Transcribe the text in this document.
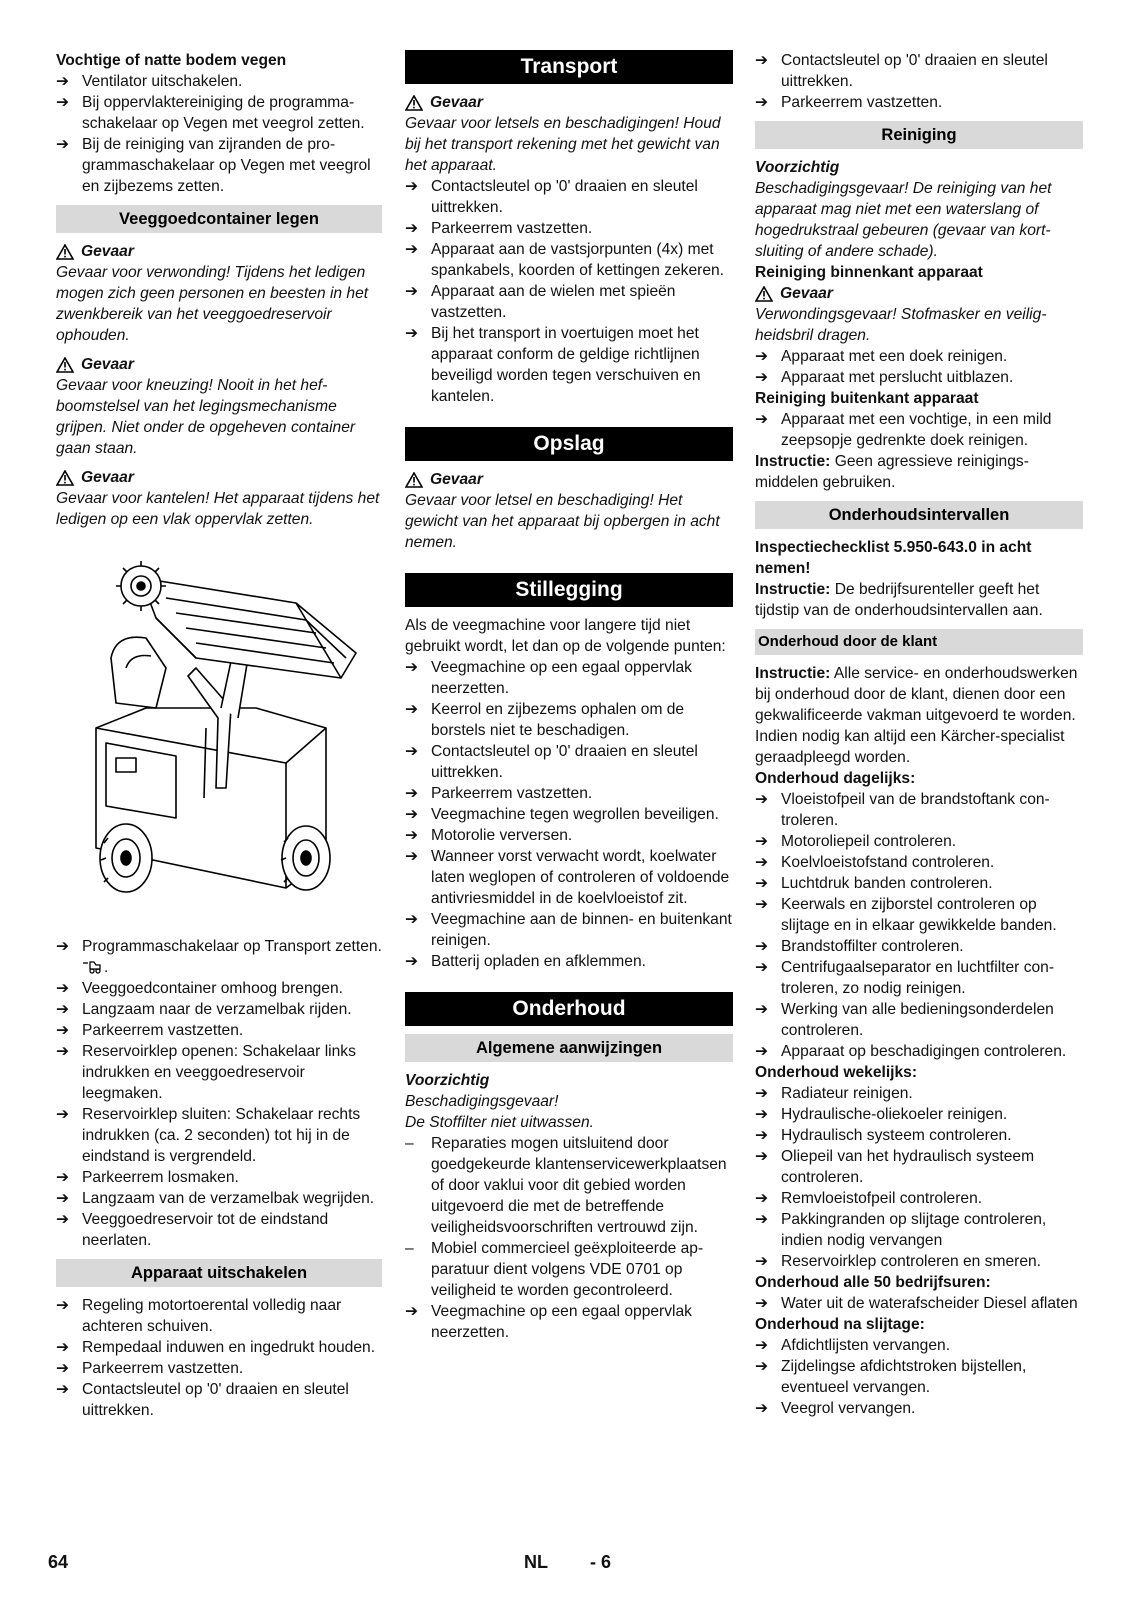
Vochtige of natte bodem vegen
➔ Ventilator uitschakelen.
➔ Bij oppervlaktereiniging de programmaschakelaar op Vegen met veegrol zetten.
➔ Bij de reiniging van zijranden de programmaschakelaar op Vegen met veegrol en zijbezems zetten.
Veeggoedcontainer legen
Gevaar
Gevaar voor verwonding! Tijdens het ledigen mogen zich geen personen en beesten in het zwenkbereik van het veeggoedreservoir ophouden.
Gevaar
Gevaar voor kneuzing! Nooit in het hefboomstelsel van het legingsmechanisme grijpen. Niet onder de opgeheven container gaan staan.
Gevaar
Gevaar voor kantelen! Het apparaat tijdens het ledigen op een vlak oppervlak zetten.
➔ Programmaschakelaar op Transport zetten. .
➔ Veeggoedcontainer omhoog brengen.
➔ Langzaam naar de verzamelbak rijden.
➔ Parkeerrem vastzetten.
➔ Reservoirklep openen: Schakelaar links indrukken en veeggoedreservoir leegmaken.
➔ Reservoirklep sluiten: Schakelaar rechts indrukken (ca. 2 seconden) tot hij in de eindstand is vergrendeld.
➔ Parkeerrem losmaken.
➔ Langzaam van de verzamelbak wegrijden.
➔ Veeggoedreservoir tot de eindstand neerlaten.
Apparaat uitschakelen
➔ Regeling motortoerental volledig naar achteren schuiven.
➔ Rempedaal induwen en ingedrukt houden.
➔ Parkeerrem vastzetten.
➔ Contactsleutel op '0' draaien en sleutel uittrekken.
Transport
Gevaar
Gevaar voor letsels en beschadigingen! Houd bij het transport rekening met het gewicht van het apparaat.
➔ Contactsleutel op '0' draaien en sleutel uittrekken.
➔ Parkeerrem vastzetten.
➔ Apparaat aan de vastsjorpunten (4x) met spankabels, koorden of kettingen zekeren.
➔ Apparaat aan de wielen met spieën vastzetten.
➔ Bij het transport in voertuigen moet het apparaat conform de geldige richtlijnen beveiligd worden tegen verschuiven en kantelen.
Opslag
Gevaar
Gevaar voor letsel en beschadiging! Het gewicht van het apparaat bij opbergen in acht nemen.
Stillegging
Als de veegmachine voor langere tijd niet gebruikt wordt, let dan op de volgende punten:
➔ Veegmachine op een egaal oppervlak neerzetten.
➔ Keerrol en zijbezems ophalen om de borstels niet te beschadigen.
➔ Contactsleutel op '0' draaien en sleutel uittrekken.
➔ Parkeerrem vastzetten.
➔ Veegmachine tegen wegrollen beveiligen.
➔ Motorolie verversen.
➔ Wanneer vorst verwacht wordt, koelwater laten weglopen of controleren of voldoende antivriesmiddel in de koelvloeistof zit.
➔ Veegmachine aan de binnen- en buitenkant reinigen.
➔ Batterij opladen en afklemmen.
Onderhoud
Algemene aanwijzingen
Voorzichtig
Beschadigingsgevaar!
De Stoffilter niet uitwassen.
– Reparaties mogen uitsluitend door goedgekeurde klantenservicewerkplaatsen of door vaklui voor dit gebied worden uitgevoerd die met de betreffende veiligheidsvoorschriften vertrouwd zijn.
– Mobiel commercieel geëxploiteerde apparatuur dient volgens VDE 0701 op veiligheid te worden gecontroleerd.
➔ Veegmachine op een egaal oppervlak neerzetten.
➔ Contactsleutel op '0' draaien en sleutel uittrekken.
➔ Parkeerrem vastzetten.
Reiniging
Voorzichtig
Beschadigingsgevaar! De reiniging van het apparaat mag niet met een waterslang of hogedrukstraal gebeuren (gevaar van kortsluiting of andere schade).
Reiniging binnenkant apparaat
Gevaar
Verwondingsgevaar! Stofmasker en veiligheidsbril dragen.
➔ Apparaat met een doek reinigen.
➔ Apparaat met perslucht uitblazen.
Reiniging buitenkant apparaat
➔ Apparaat met een vochtige, in een mild zeepsopje gedrenkte doek reinigen.
Instructie: Geen agressieve reinigingsmiddelen gebruiken.
Onderhoudsintervallen
Inspectiechecklist 5.950-643.0 in acht nemen!
Instructie: De bedrijfsurenteller geeft het tijdstip van de onderhoudsintervallen aan.
Onderhoud door de klant
Instructie: Alle service- en onderhoudswerken bij onderhoud door de klant, dienen door een gekwalificeerde vakman uitgevoerd te worden. Indien nodig kan altijd een Kärcher-specialist geraadpleegd worden.
Onderhoud dagelijks:
➔ Vloeistofpeil van de brandstoftank controleren.
➔ Motoroliepeil controleren.
➔ Koelvloeistofstand controleren.
➔ Luchtdruk banden controleren.
➔ Keerwals en zijborstel controleren op slijtage en in elkaar gewikkelde banden.
➔ Brandstoffilter controleren.
➔ Centrifugaalseparator en luchtfilter controleren, zo nodig reinigen.
➔ Werking van alle bedieningsonderdelen controleren.
➔ Apparaat op beschadigingen controleren.
Onderhoud wekelijks:
➔ Radiateur reinigen.
➔ Hydraulische-oliekoeler reinigen.
➔ Hydraulisch systeem controleren.
➔ Oliepeil van het hydraulisch systeem controleren.
➔ Remvloeistofpeil controleren.
➔ Pakkingranden op slijtage controleren, indien nodig vervangen
➔ Reservoirklep controleren en smeren.
Onderhoud alle 50 bedrijfsuren:
➔ Water uit de waterafscheider Diesel aflaten
Onderhoud na slijtage:
➔ Afdichtlijsten vervangen.
➔ Zijdelingse afdichtstroken bijstellen, eventueel vervangen.
➔ Veegrol vervangen.
64	NL - 6
